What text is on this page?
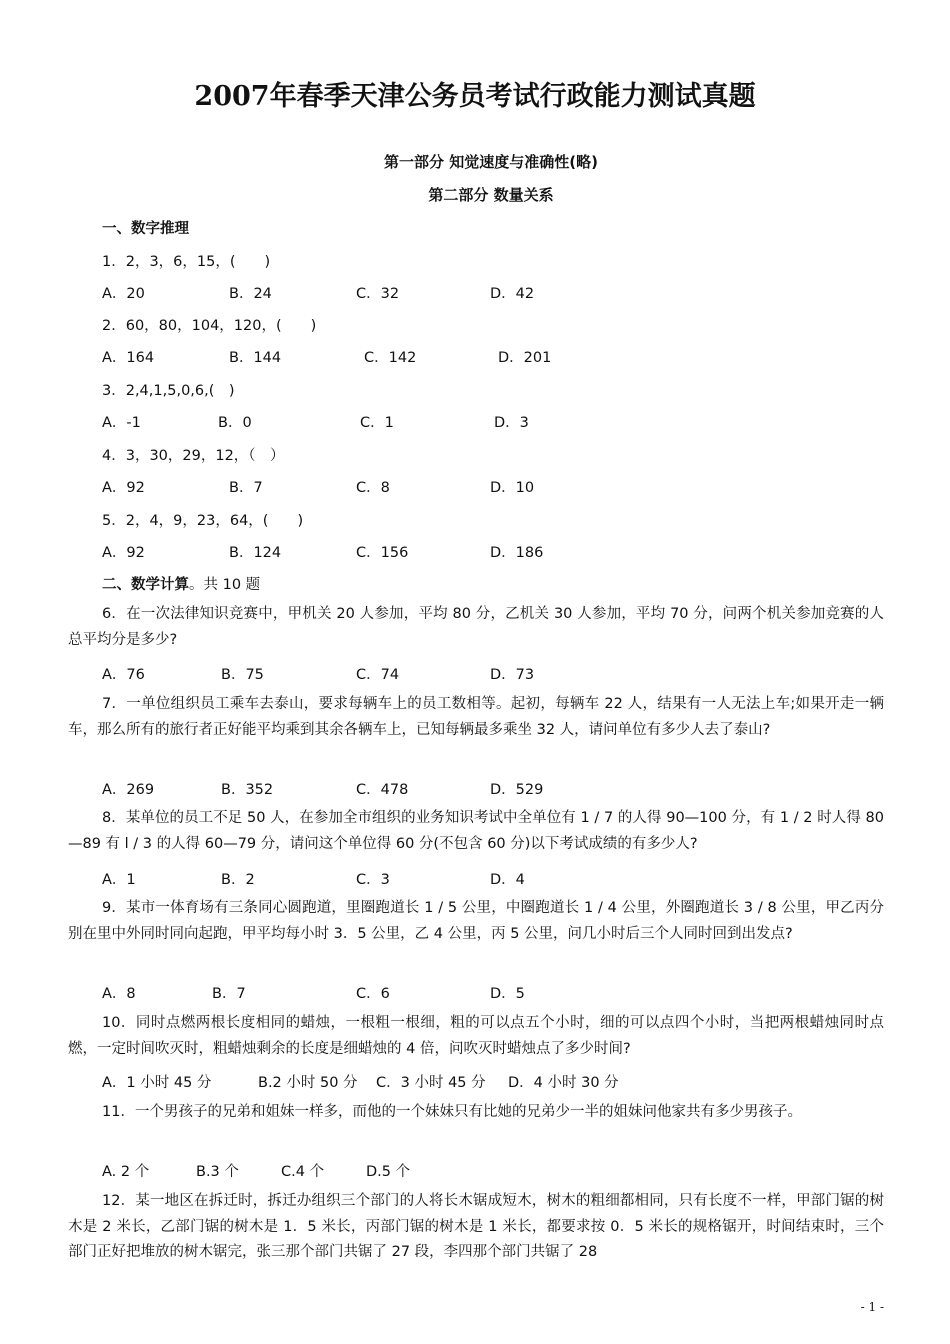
2007年春季天津公务员考试行政能力测试真题
第一部分 知觉速度与准确性(略)
第二部分 数量关系
一、数字推理
1．2，3，6，15，(　　)
A．20	B．24	C．32	D．42
2．60，80，104，120，(　　)
A．164	B．144	C．142	D．201
3．2,4,1,5,0,6,(　)
A．-1	B．0	C．1	D．3
4．3，30，29，12，（　）
A．92	B．7	C．8	D．10
5．2，4，9，23，64，(　　)
A．92	B．124	C．156	D．186
二、数学计算。共 10 题
6．在一次法律知识竞赛中，甲机关 20 人参加，平均 80 分，乙机关 30 人参加，平均 70 分，问两个机关参加竞赛的人总平均分是多少?
A．76	B．75	C．74	D．73
7．一单位组织员工乘车去泰山，要求每辆车上的员工数相等。起初，每辆车 22 人，结果有一人无法上车;如果开走一辆车，那么所有的旅行者正好能平均乘到其余各辆车上，已知每辆最多乘坐 32 人，请问单位有多少人去了泰山?
A．269	B．352	C．478	D．529
8．某单位的员工不足 50 人，在参加全市组织的业务知识考试中全单位有 1 / 7 的人得 90—100 分，有 1 / 2 时人得 80—89 有 l / 3 的人得 60—79 分，请问这个单位得 60 分(不包含 60 分)以下考试成绩的有多少人?
A．1	B．2	C．3	D．4
9．某市一体育场有三条同心圆跑道，里圈跑道长 1 / 5 公里，中圈跑道长 1 / 4 公里，外圈跑道长 3 / 8 公里，甲乙丙分别在里中外同时同向起跑，甲平均每小时 3．5 公里，乙 4 公里，丙 5 公里，问几小时后三个人同时回到出发点?
A．8	B．7	C．6	D．5
10．同时点燃两根长度相同的蜡烛，一根粗一根细，粗的可以点五个小时，细的可以点四个小时，当把两根蜡烛同时点燃，一定时间吹灭时，粗蜡烛剩余的长度是细蜡烛的 4 倍，问吹灭时蜡烛点了多少时间?
A．1 小时 45 分	B.2 小时 50 分 C．3 小时 45 分 D．4 小时 30 分
11．一个男孩子的兄弟和姐妹一样多，而他的一个妹妹只有比她的兄弟少一半的姐妹问他家共有多少男孩子。
A. 2 个	B.3 个	C.4 个	D.5 个
12．某一地区在拆迁时，拆迁办组织三个部门的人将长木锯成短木，树木的粗细都相同，只有长度不一样，甲部门锯的树木是 2 米长，乙部门锯的树木是 1．5 米长，丙部门锯的树木是 1 米长，都要求按 0．5 米长的规格锯开，时间结束时，三个部门正好把堆放的树木锯完，张三那个部门共锯了 27 段，李四那个部门共锯了 28
- 1 -
